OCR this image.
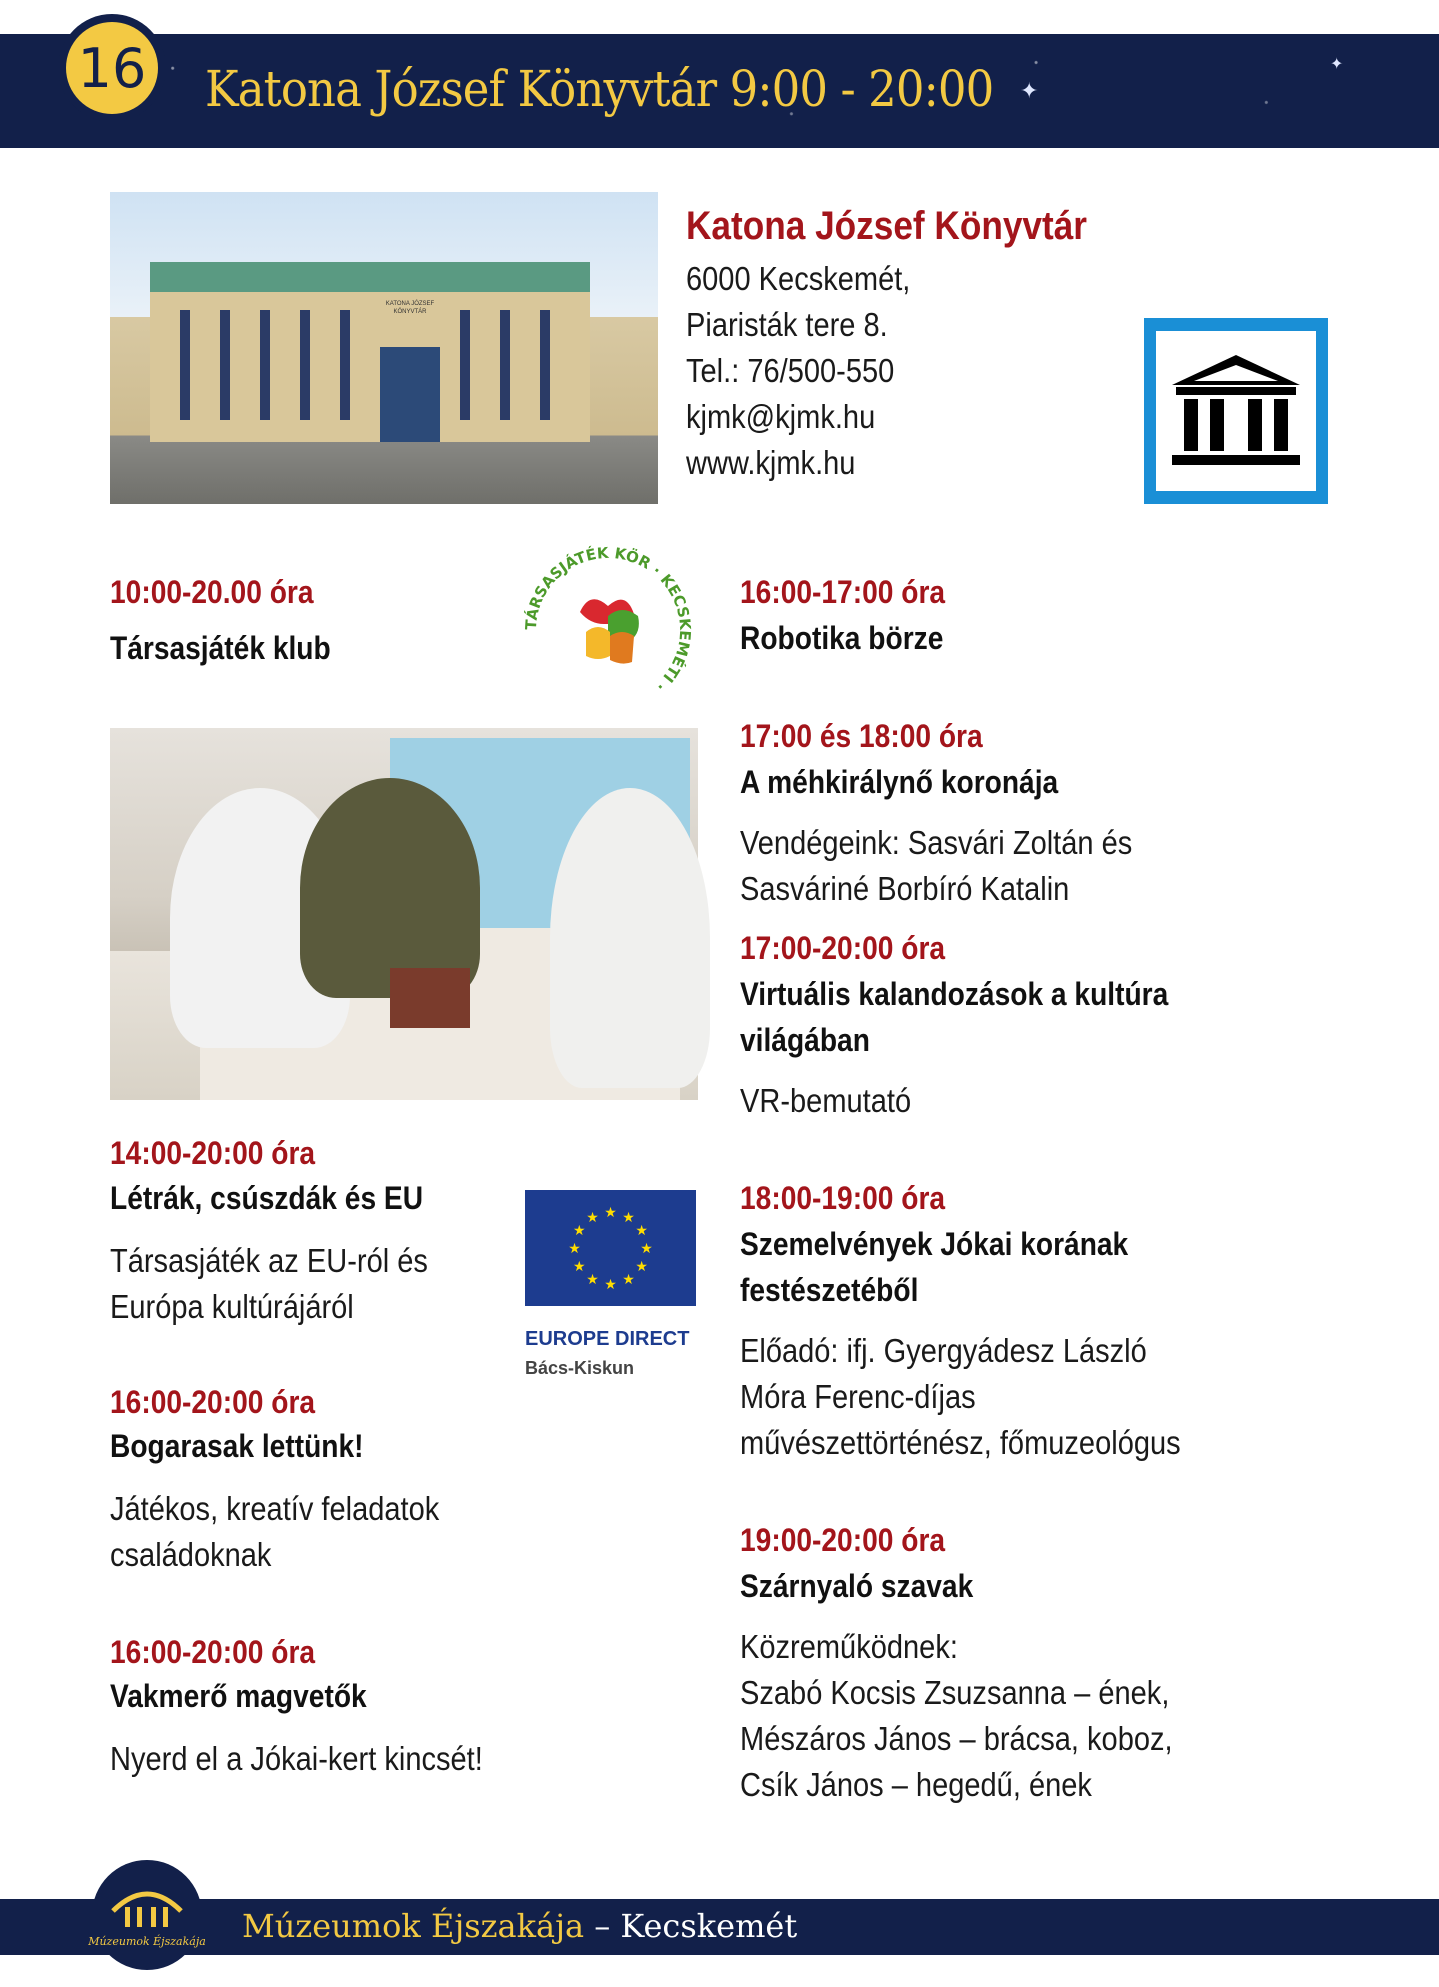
✦
✦
Katona József Könyvtár 9:00 - 20:00
16
KATONA JÓZSEF
KÖNYVTÁR
Katona József Könyvtár
6000 Kecskemét,
Piaristák tere 8.
Tel.: 76/500-550
kjmk@kjmk.hu
www.kjmk.hu
10:00-20.00 óra
Társasjáték klub
TÁRSASJÁTÉK KÖR · KECSKEMÉTI ·
14:00-20:00 óra
Létrák, csúszdák és EU
Társasjáték az EU-ról és
Európa kultúrájáról
★ ★
★
★
★
★
★
★
★
★
★
★
EUROPE DIRECT
Bács-Kiskun
16:00-20:00 óra
Bogarasak lettünk!
Játékos, kreatív feladatok
családoknak
16:00-20:00 óra
Vakmerő magvetők
Nyerd el a Jókai-kert kincsét!
16:00-17:00 óra
Robotika börze
17:00 és 18:00 óra
A méhkirálynő koronája
Vendégeink: Sasvári Zoltán és
Sasváriné Borbíró Katalin
17:00-20:00 óra
Virtuális kalandozások a kultúra
világában
VR-bemutató
18:00-19:00 óra
Szemelvények Jókai korának
festészetéből
Előadó: ifj. Gyergyádesz László
Móra Ferenc-díjas
művészettörténész, főmuzeológus
19:00-20:00 óra
Szárnyaló szavak
Közreműködnek:
Szabó Kocsis Zsuzsanna – ének,
Mészáros János – brácsa, koboz,
Csík János – hegedű, ének
Múzeumok Éjszakája Múzeumok Éjszakája – Kecskemét
